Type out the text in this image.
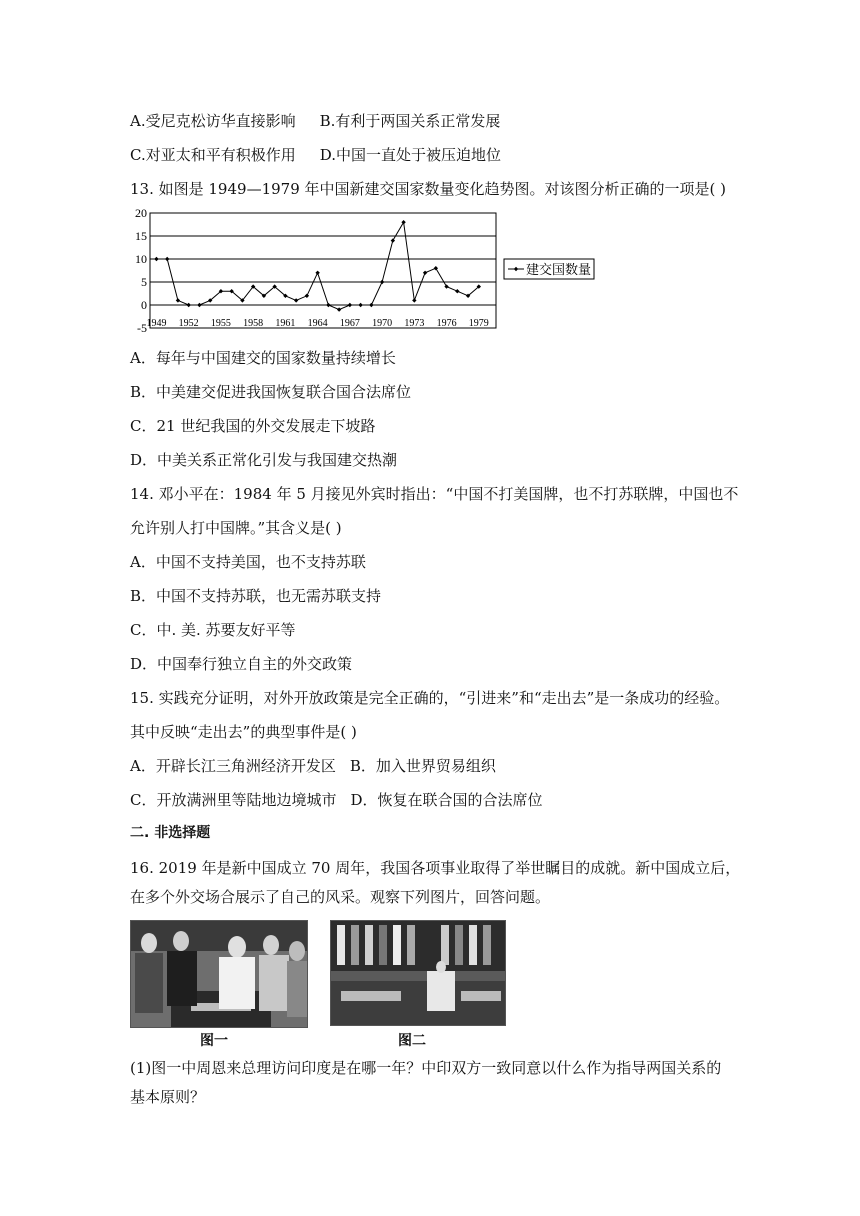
A.受尼克松访华直接影响 B.有利于两国关系正常发展
C.对亚太和平有积极作用 D.中国一直处于被压迫地位
13. 如图是 1949—1979 年中国新建交国家数量变化趋势图。对该图分析正确的一项是( )
20
15
10
5
0
-5 1949 1952 1955 1958 1961 1964 1967 1970 1973 1976 1979
建交国数量
A．每年与中国建交的国家数量持续增长
B．中美建交促进我国恢复联合国合法席位
C．21 世纪我国的外交发展走下坡路
D．中美关系正常化引发与我国建交热潮
14. 邓小平在：1984 年 5 月接见外宾时指出：“中国不打美国牌，也不打苏联牌，中国也不
允许别人打中国牌。”其含义是( )
A．中国不支持美国，也不支持苏联
B．中国不支持苏联，也无需苏联支持
C．中. 美. 苏要友好平等
D．中国奉行独立自主的外交政策
15. 实践充分证明，对外开放政策是完全正确的，“引进来”和“走出去”是一条成功的经验。
其中反映“走出去”的典型事件是( )
A．开辟长江三角洲经济开发区 B．加入世界贸易组织
C．开放满洲里等陆地边境城市 D．恢复在联合国的合法席位
二. 非选择题
16. 2019 年是新中国成立 70 周年，我国各项事业取得了举世瞩目的成就。新中国成立后，
在多个外交场合展示了自己的风采。观察下列图片，回答问题。
图一	图二
(1)图一中周恩来总理访问印度是在哪一年？中印双方一致同意以什么作为指导两国关系的
基本原则？
